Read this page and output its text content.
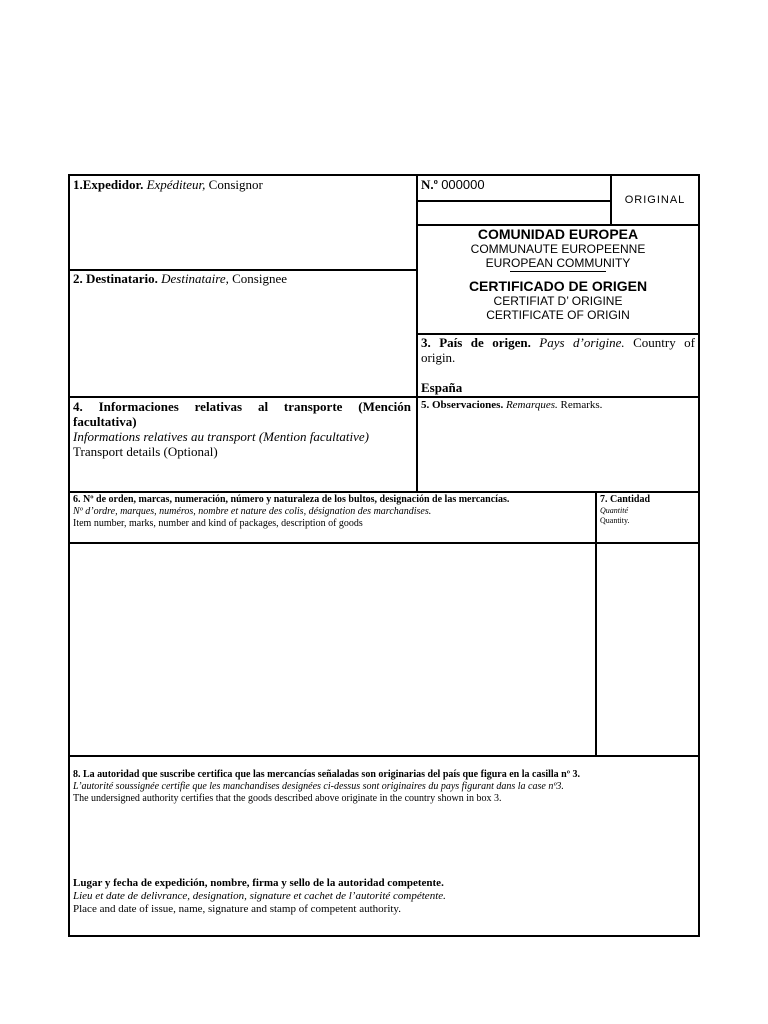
1.Expedidor. Expéditeur, Consignor	N.º 000000
ORIGINAL
COMUNIDAD EUROPEA
COMMUNAUTE EUROPEENNE
EUROPEAN COMMUNITY
CERTIFICADO DE ORIGEN
CERTIFIAT D’ ORIGINE
CERTIFICATE OF ORIGIN
2. Destinatario. Destinataire, Consignee
3. País de origen. Pays d’origine. Country of
origin.
España
4. Informaciones relativas al transporte (Mención
facultativa)
Informations relatives au transport (Mention facultative)
Transport details (Optional)
5. Observaciones. Remarques. Remarks.
6. Nº de orden, marcas, numeración, número y naturaleza de los bultos, designación de las mercancías.
Nº d’ordre, marques, numéros, nombre et nature des colis, désignation des marchandises.
Item number, marks, number and kind of packages, description of goods
7. Cantidad
Quantité
Quantity.
8. La autoridad que suscribe certifica que las mercancías señaladas son originarias del país que figura en la casilla nº 3.
L’autorité soussignée certifie que les manchandises designées ci-dessus sont originaires du pays figurant dans la case nº3.
The undersigned authority certifies that the goods described above originate in the country shown in box 3.
Lugar y fecha de expedición, nombre, firma y sello de la autoridad competente.
Lieu et date de delivrance, designation, signature et cachet de l’autorité compétente.
Place and date of issue, name, signature and stamp of competent authority.
